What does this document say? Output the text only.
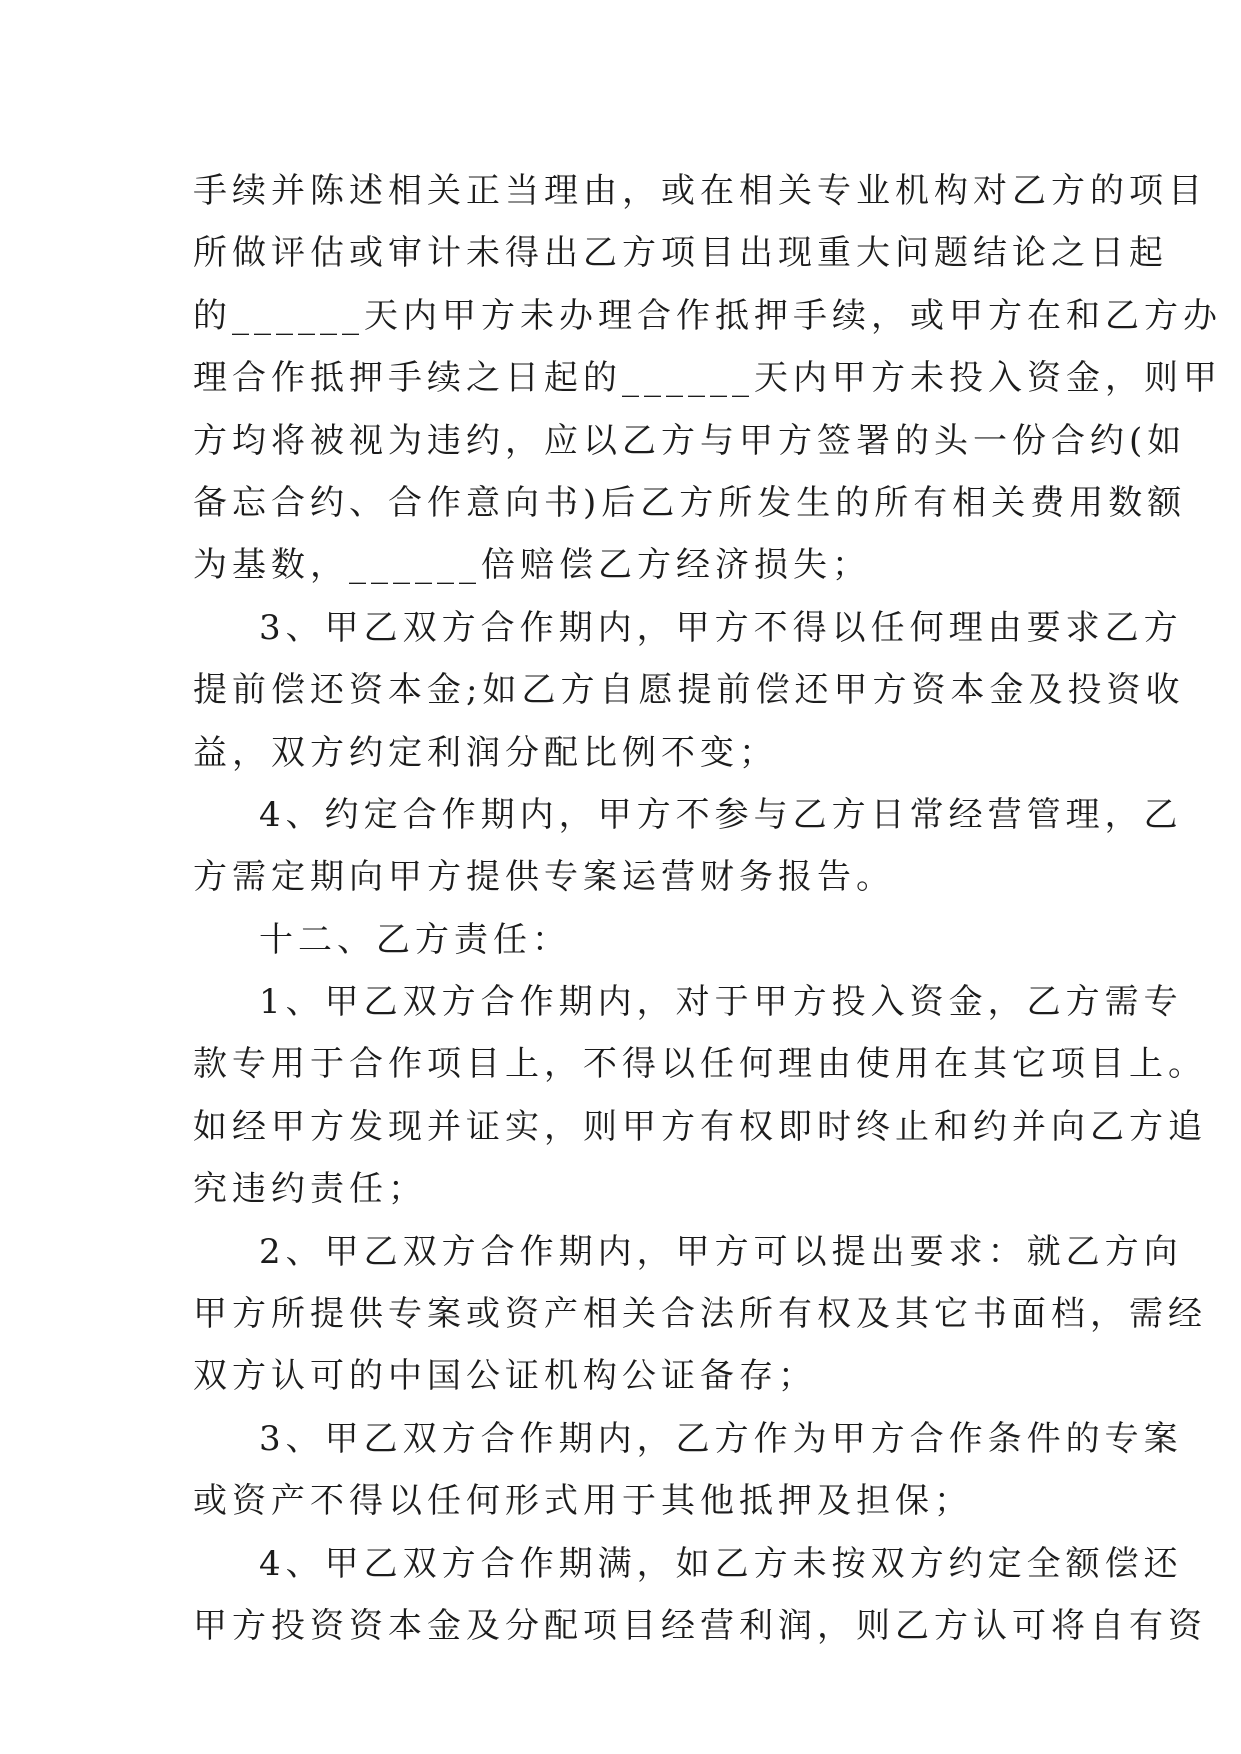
手续并陈述相关正当理由，或在相关专业机构对乙方的项目
所做评估或审计未得出乙方项目出现重大问题结论之日起
的______天内甲方未办理合作抵押手续，或甲方在和乙方办
理合作抵押手续之日起的______天内甲方未投入资金，则甲
方均将被视为违约，应以乙方与甲方签署的头一份合约(如
备忘合约、合作意向书)后乙方所发生的所有相关费用数额
为基数，______倍赔偿乙方经济损失；
3、甲乙双方合作期内，甲方不得以任何理由要求乙方
提前偿还资本金;如乙方自愿提前偿还甲方资本金及投资收
益，双方约定利润分配比例不变；
4、约定合作期内，甲方不参与乙方日常经营管理，乙
方需定期向甲方提供专案运营财务报告。
十二、乙方责任：
1、甲乙双方合作期内，对于甲方投入资金，乙方需专
款专用于合作项目上，不得以任何理由使用在其它项目上。
如经甲方发现并证实，则甲方有权即时终止和约并向乙方追
究违约责任；
2、甲乙双方合作期内，甲方可以提出要求：就乙方向
甲方所提供专案或资产相关合法所有权及其它书面档，需经
双方认可的中国公证机构公证备存；
3、甲乙双方合作期内，乙方作为甲方合作条件的专案
或资产不得以任何形式用于其他抵押及担保；
4、甲乙双方合作期满，如乙方未按双方约定全额偿还
甲方投资资本金及分配项目经营利润，则乙方认可将自有资
